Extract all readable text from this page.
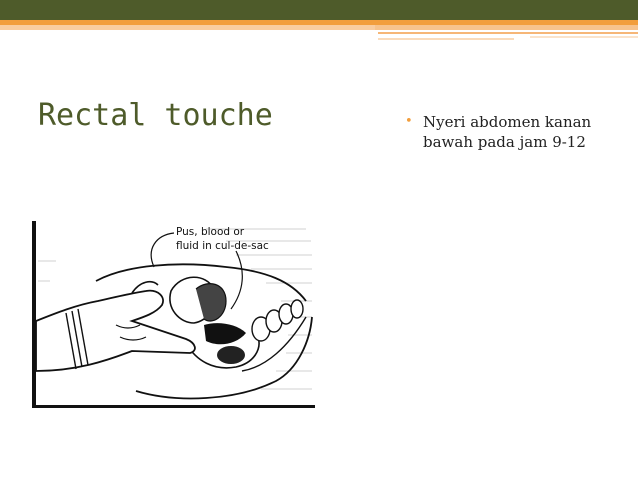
Rectal touche	• Nyeri abdomen kanan bawah pada jam 9-12
Pus, blood or
fluid in cul-de-sac
